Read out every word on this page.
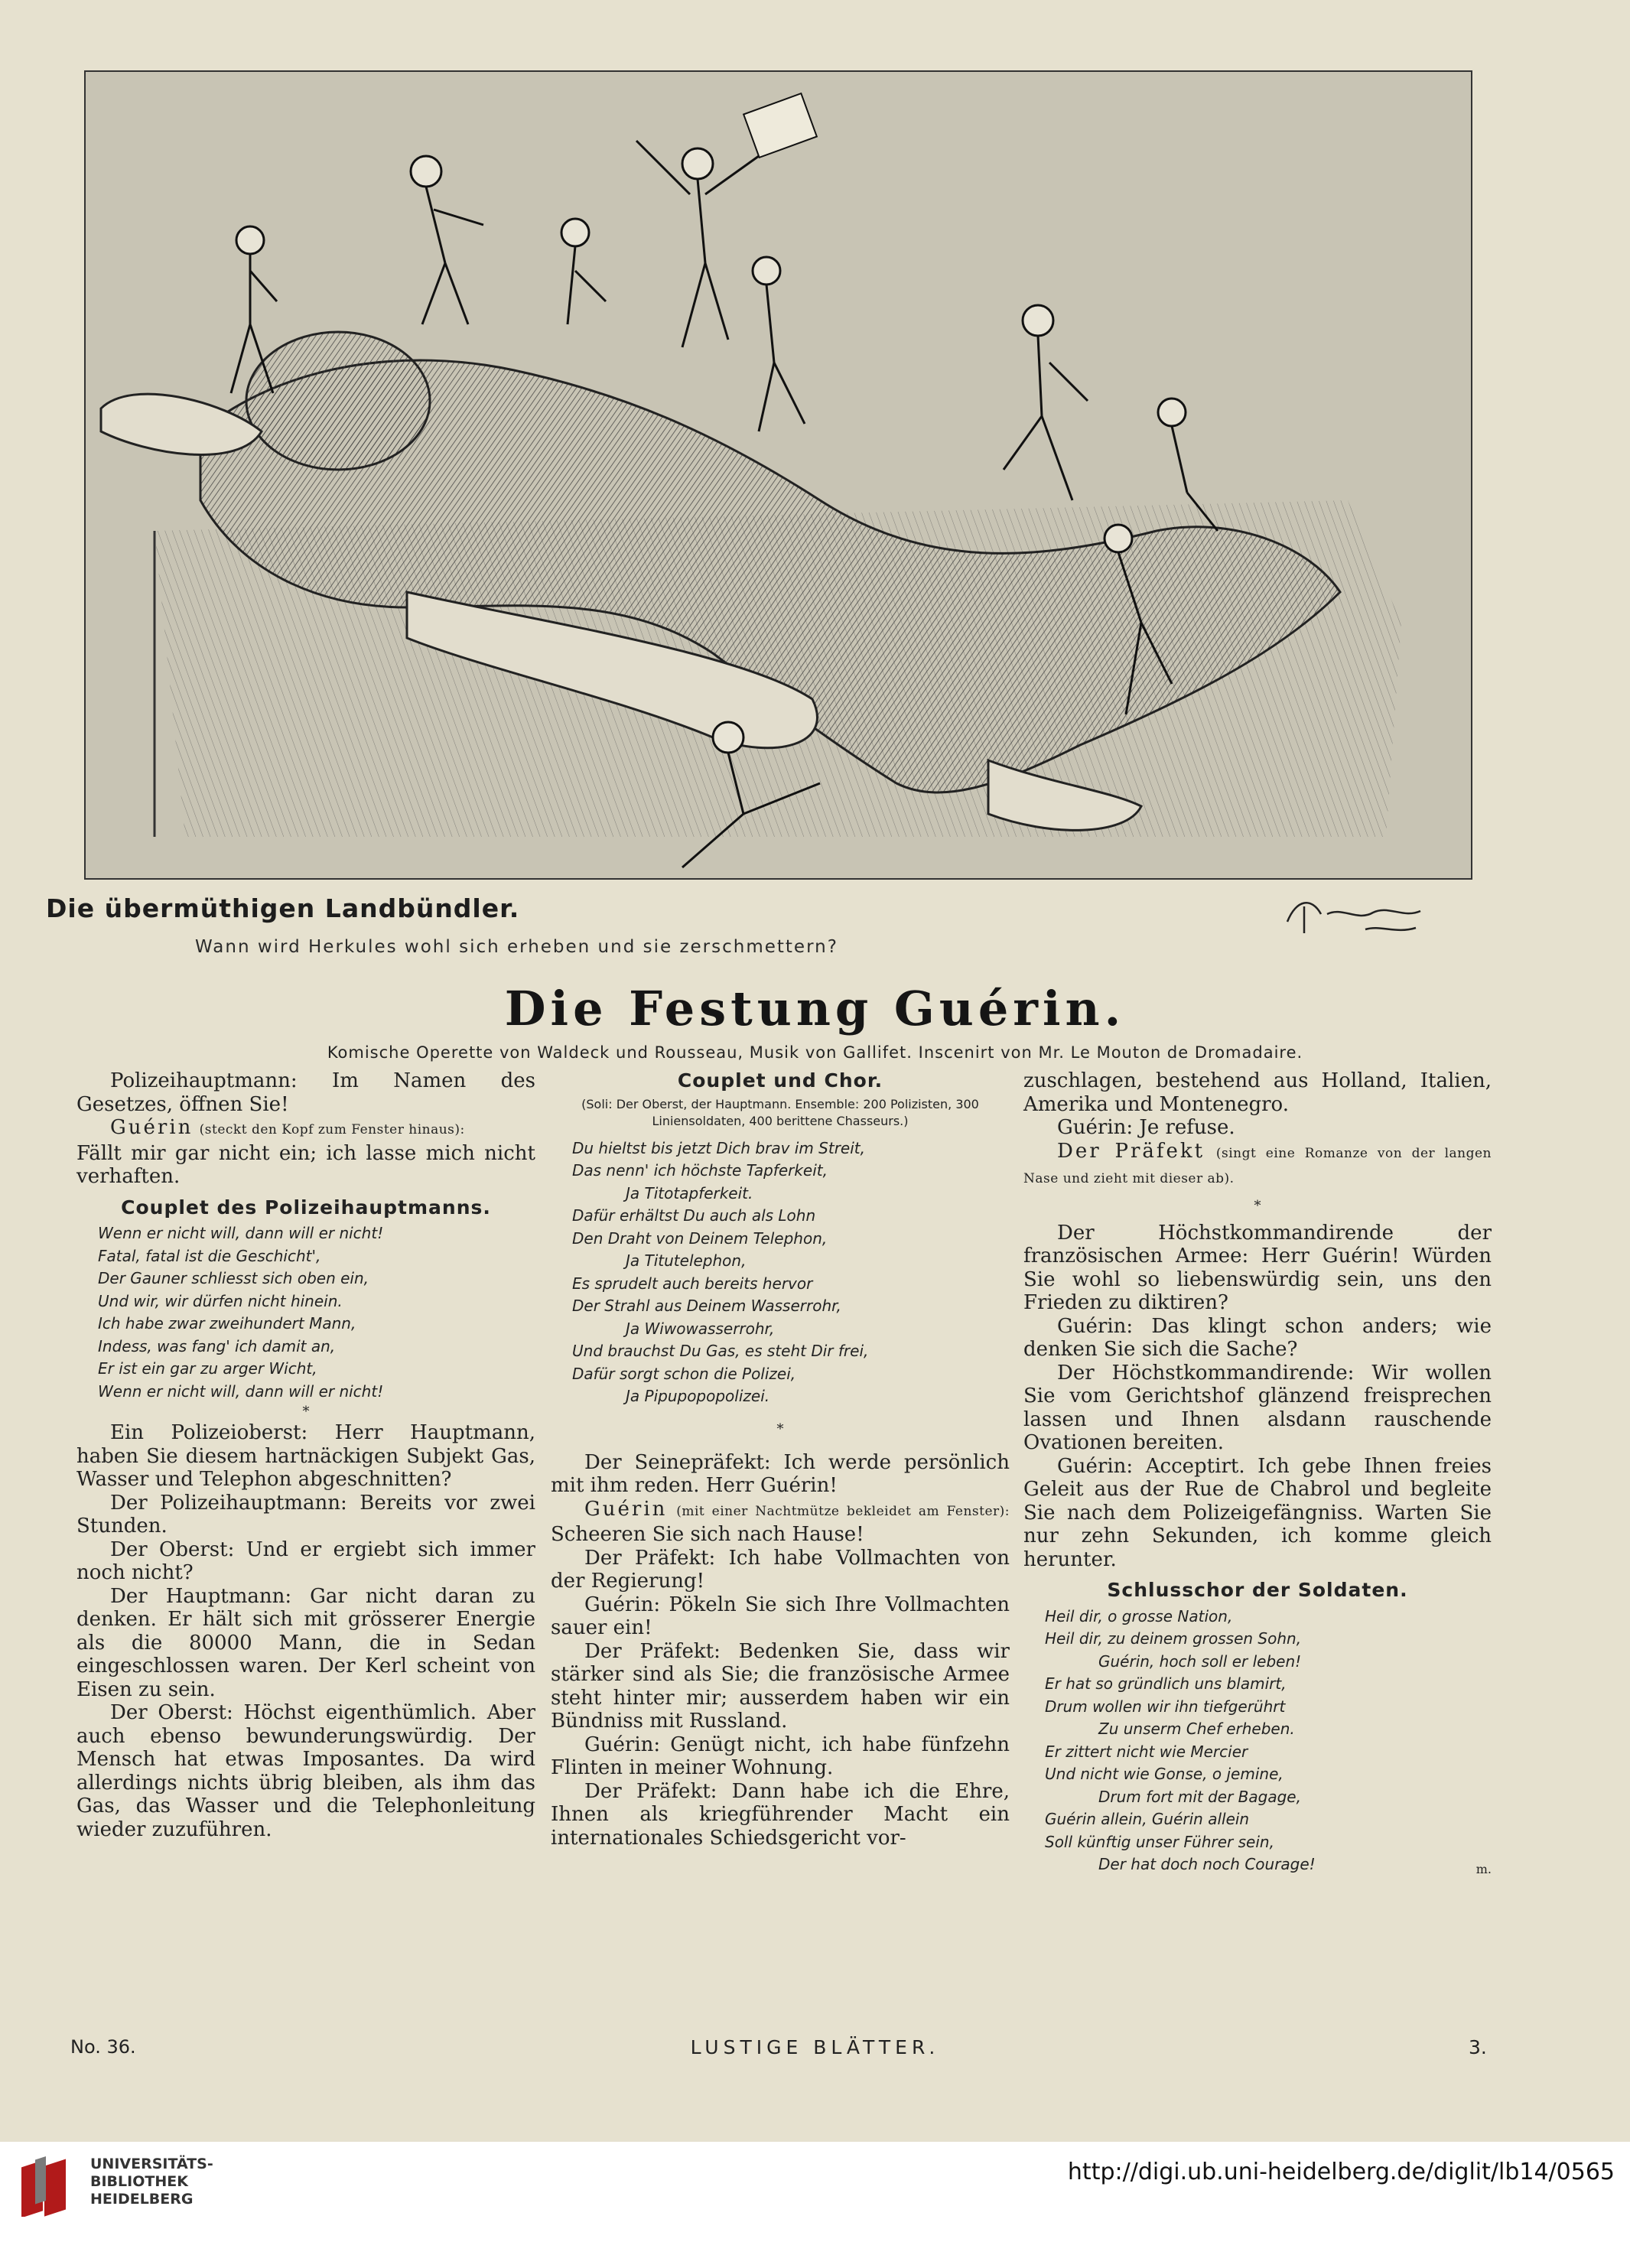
Die übermüthigen Landbündler.
Wann wird Herkules wohl sich erheben und sie zerschmettern?
Die Festung Guérin.
Komische Operette von Waldeck und Rousseau, Musik von Gallifet. Inscenirt von Mr. Le Mouton de Dromadaire.

Polizeihauptmann: Im Namen des Gesetzes, öffnen Sie!

Guérin (steckt den Kopf zum Fenster hinaus):

Fällt mir gar nicht ein; ich lasse mich nicht verhaften.

Couplet des Polizeihauptmanns.
Wenn er nicht will, dann will er nicht!
Fatal, fatal ist die Geschicht',
Der Gauner schliesst sich oben ein,
Und wir, wir dürfen nicht hinein.
Ich habe zwar zweihundert Mann,
Indess, was fang' ich damit an,
Er ist ein gar zu arger Wicht,
Wenn er nicht will, dann will er nicht!
*

Ein Polizeioberst: Herr Hauptmann, haben Sie diesem hartnäckigen Subjekt Gas, Wasser und Telephon abgeschnitten?

Der Polizeihauptmann: Bereits vor zwei Stunden.

Der Oberst: Und er ergiebt sich immer noch nicht?

Der Hauptmann: Gar nicht daran zu denken. Er hält sich mit grösserer Energie als die 80000 Mann, die in Sedan eingeschlossen waren. Der Kerl scheint von Eisen zu sein.

Der Oberst: Höchst eigenthümlich. Aber auch ebenso bewunderungswürdig. Der Mensch hat etwas Imposantes. Da wird allerdings nichts übrig bleiben, als ihm das Gas, das Wasser und die Telephonleitung wieder zuzuführen.

Couplet und Chor.
(Soli: Der Oberst, der Hauptmann. Ensemble: 200 Polizisten, 300 Liniensoldaten, 400 berittene Chasseurs.)
Du hieltst bis jetzt Dich brav im Streit,
Das nenn' ich höchste Tapferkeit,
Ja Titotapferkeit.
Dafür erhältst Du auch als Lohn
Den Draht von Deinem Telephon,
Ja Titutelephon,
Es sprudelt auch bereits hervor
Der Strahl aus Deinem Wasserrohr,
Ja Wiwowasserrohr,
Und brauchst Du Gas, es steht Dir frei,
Dafür sorgt schon die Polizei,
Ja Pipupopopolizei.
*

Der Seinepräfekt: Ich werde persönlich mit ihm reden. Herr Guérin!

Guérin (mit einer Nachtmütze bekleidet am Fenster): Scheeren Sie sich nach Hause!

Der Präfekt: Ich habe Vollmachten von der Regierung!

Guérin: Pökeln Sie sich Ihre Vollmachten sauer ein!

Der Präfekt: Bedenken Sie, dass wir stärker sind als Sie; die französische Armee steht hinter mir; ausserdem haben wir ein Bündniss mit Russland.

Guérin: Genügt nicht, ich habe fünfzehn Flinten in meiner Wohnung.

Der Präfekt: Dann habe ich die Ehre, Ihnen als kriegführender Macht ein internationales Schiedsgericht vor-

zuschlagen, bestehend aus Holland, Italien, Amerika und Montenegro.

Guérin: Je refuse.

Der Präfekt (singt eine Romanze von der langen Nase und zieht mit dieser ab).

*

Der Höchstkommandirende der französischen Armee: Herr Guérin! Würden Sie wohl so liebenswürdig sein, uns den Frieden zu diktiren?

Guérin: Das klingt schon anders; wie denken Sie sich die Sache?

Der Höchstkommandirende: Wir wollen Sie vom Gerichtshof glänzend freisprechen lassen und Ihnen alsdann rauschende Ovationen bereiten.

Guérin: Acceptirt. Ich gebe Ihnen freies Geleit aus der Rue de Chabrol und begleite Sie nach dem Polizeigefängniss. Warten Sie nur zehn Sekunden, ich komme gleich herunter.

Schlusschor der Soldaten.
Heil dir, o grosse Nation,
Heil dir, zu deinem grossen Sohn,
Guérin, hoch soll er leben!
Er hat so gründlich uns blamirt,
Drum wollen wir ihn tiefgerührt
Zu unserm Chef erheben.
Er zittert nicht wie Mercier
Und nicht wie Gonse, o jemine,
Drum fort mit der Bagage,
Guérin allein, Guérin allein
Soll künftig unser Führer sein,
Der hat doch noch Courage!	m.
No. 36.	LUSTIGE BLÄTTER.	3.
UNIVERSITÄTS-
BIBLIOTHEK
HEIDELBERG
http://digi.ub.uni-heidelberg.de/diglit/lb14/0565
